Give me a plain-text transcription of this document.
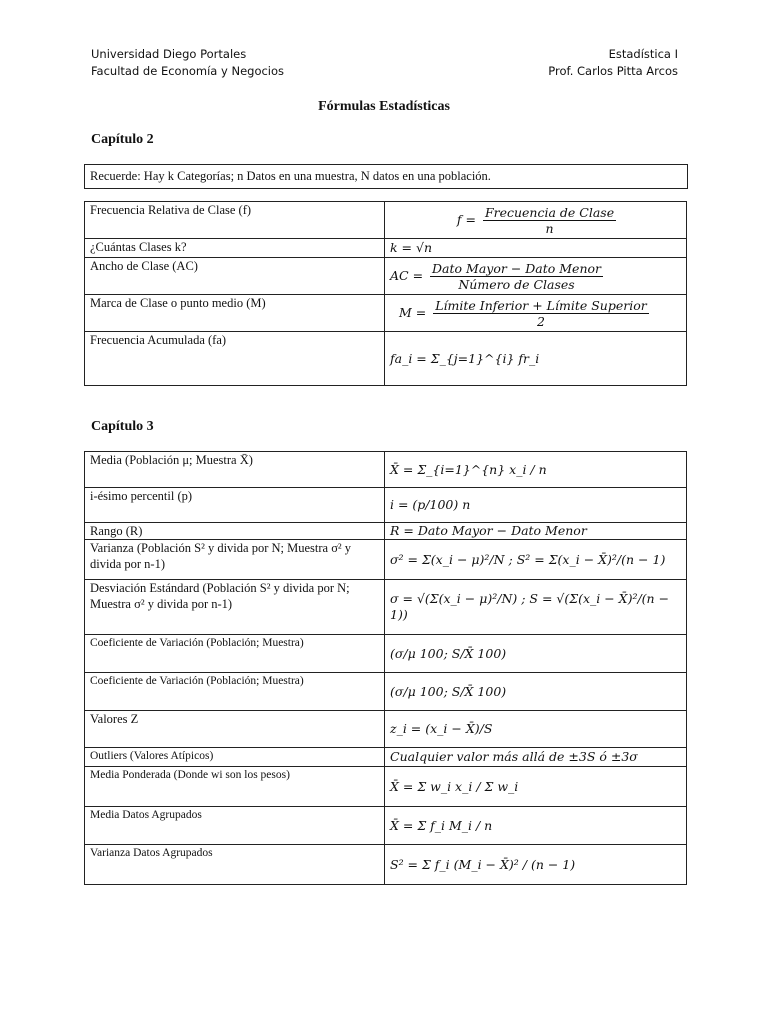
Universidad Diego Portales
Facultad de Economía y Negocios
Estadística I
Prof. Carlos Pitta Arcos
Fórmulas Estadísticas
Capítulo 2
Recuerde: Hay k Categorías; n Datos en una muestra, N datos en una población.
Frecuencia Relativa de Clase (f)	$f = \frac{\text{Frecuencia de Clase}}{n}$

¿Cuántas Clases k?	k = √n
Ancho de Clase (AC)	AC = $\frac{\text{Dato Mayor − Dato Menor}}{\text{Número de Clases}}$

Marca de Clase o punto medio (M)	$M = \frac{\text{Límite Inferior + Límite Superior}}{2}$

Frecuencia Acumulada (fa)	fa_i = Σ_{j=1}^{i} fr_i
Capítulo 3
Media (Población μ; Muestra X̄)	X̄ = Σ_{i=1}^{n} x_i / n
i-ésimo percentil (p)	i = (p/100) n
Rango (R)	R = Dato Mayor − Dato Menor
Varianza (Población S² y divida por N; Muestra σ² y divida por n-1)	σ² = Σ(x_i − μ)²/N ; S² = Σ(x_i − X̄)²/(n − 1)
Desviación Estándard (Población S² y divida por N; Muestra σ² y divida por n-1)	σ = √(Σ(x_i − μ)²/N) ; S = √(Σ(x_i − X̄)²/(n − 1))
Coeficiente de Variación (Población; Muestra)	(σ/μ 100; S/X̄ 100)
Coeficiente de Variación (Población; Muestra)	(σ/μ 100; S/X̄ 100)
Valores Z	z_i = (x_i − X̄)/S
Outliers (Valores Atípicos)	Cualquier valor más allá de ±3S ó ±3σ
Media Ponderada (Donde wi son los pesos)	X̄ = Σ w_i x_i / Σ w_i
Media Datos Agrupados	X̄ = Σ f_i M_i / n
Varianza Datos Agrupados	S² = Σ f_i (M_i − X̄)² / (n − 1)
